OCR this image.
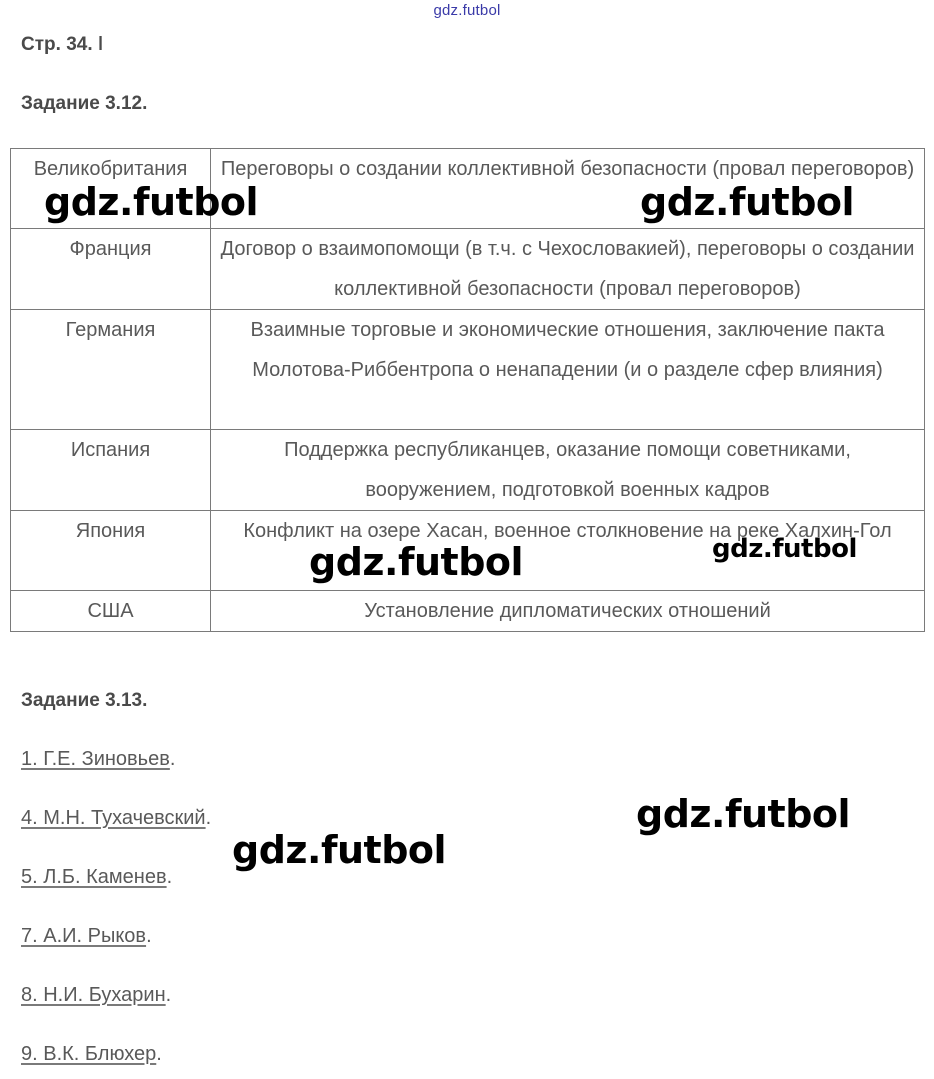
gdz.futbol
Стр. 34. ǀ
Задание 3.12.
Великобритания	Переговоры о создании коллективной безопасности (провал переговоров)
Франция	Договор о взаимопомощи (в т.ч. с Чехословакией), переговоры о создании коллективной безопасности (провал переговоров)
Германия	Взаимные торговые и экономические отношения, заключение пакта Молотова-Риббентропа о ненападении (и о разделе сфер влияния)
Испания	Поддержка республиканцев, оказание помощи советниками, вооружением, подготовкой военных кадров
Япония	Конфликт на озере Хасан, военное столкновение на реке Халхин-Гол
США	Установление дипломатических отношений
Задание 3.13.
1. Г.Е. Зиновьев.
4. М.Н. Тухачевский.
5. Л.Б. Каменев.
7. А.И. Рыков.
8. Н.И. Бухарин.
9. В.К. Блюхер.
gdz.futbol	gdz.futbol
gdz.futbol	gdz.futbol
gdz.futbol
gdz.futbol
